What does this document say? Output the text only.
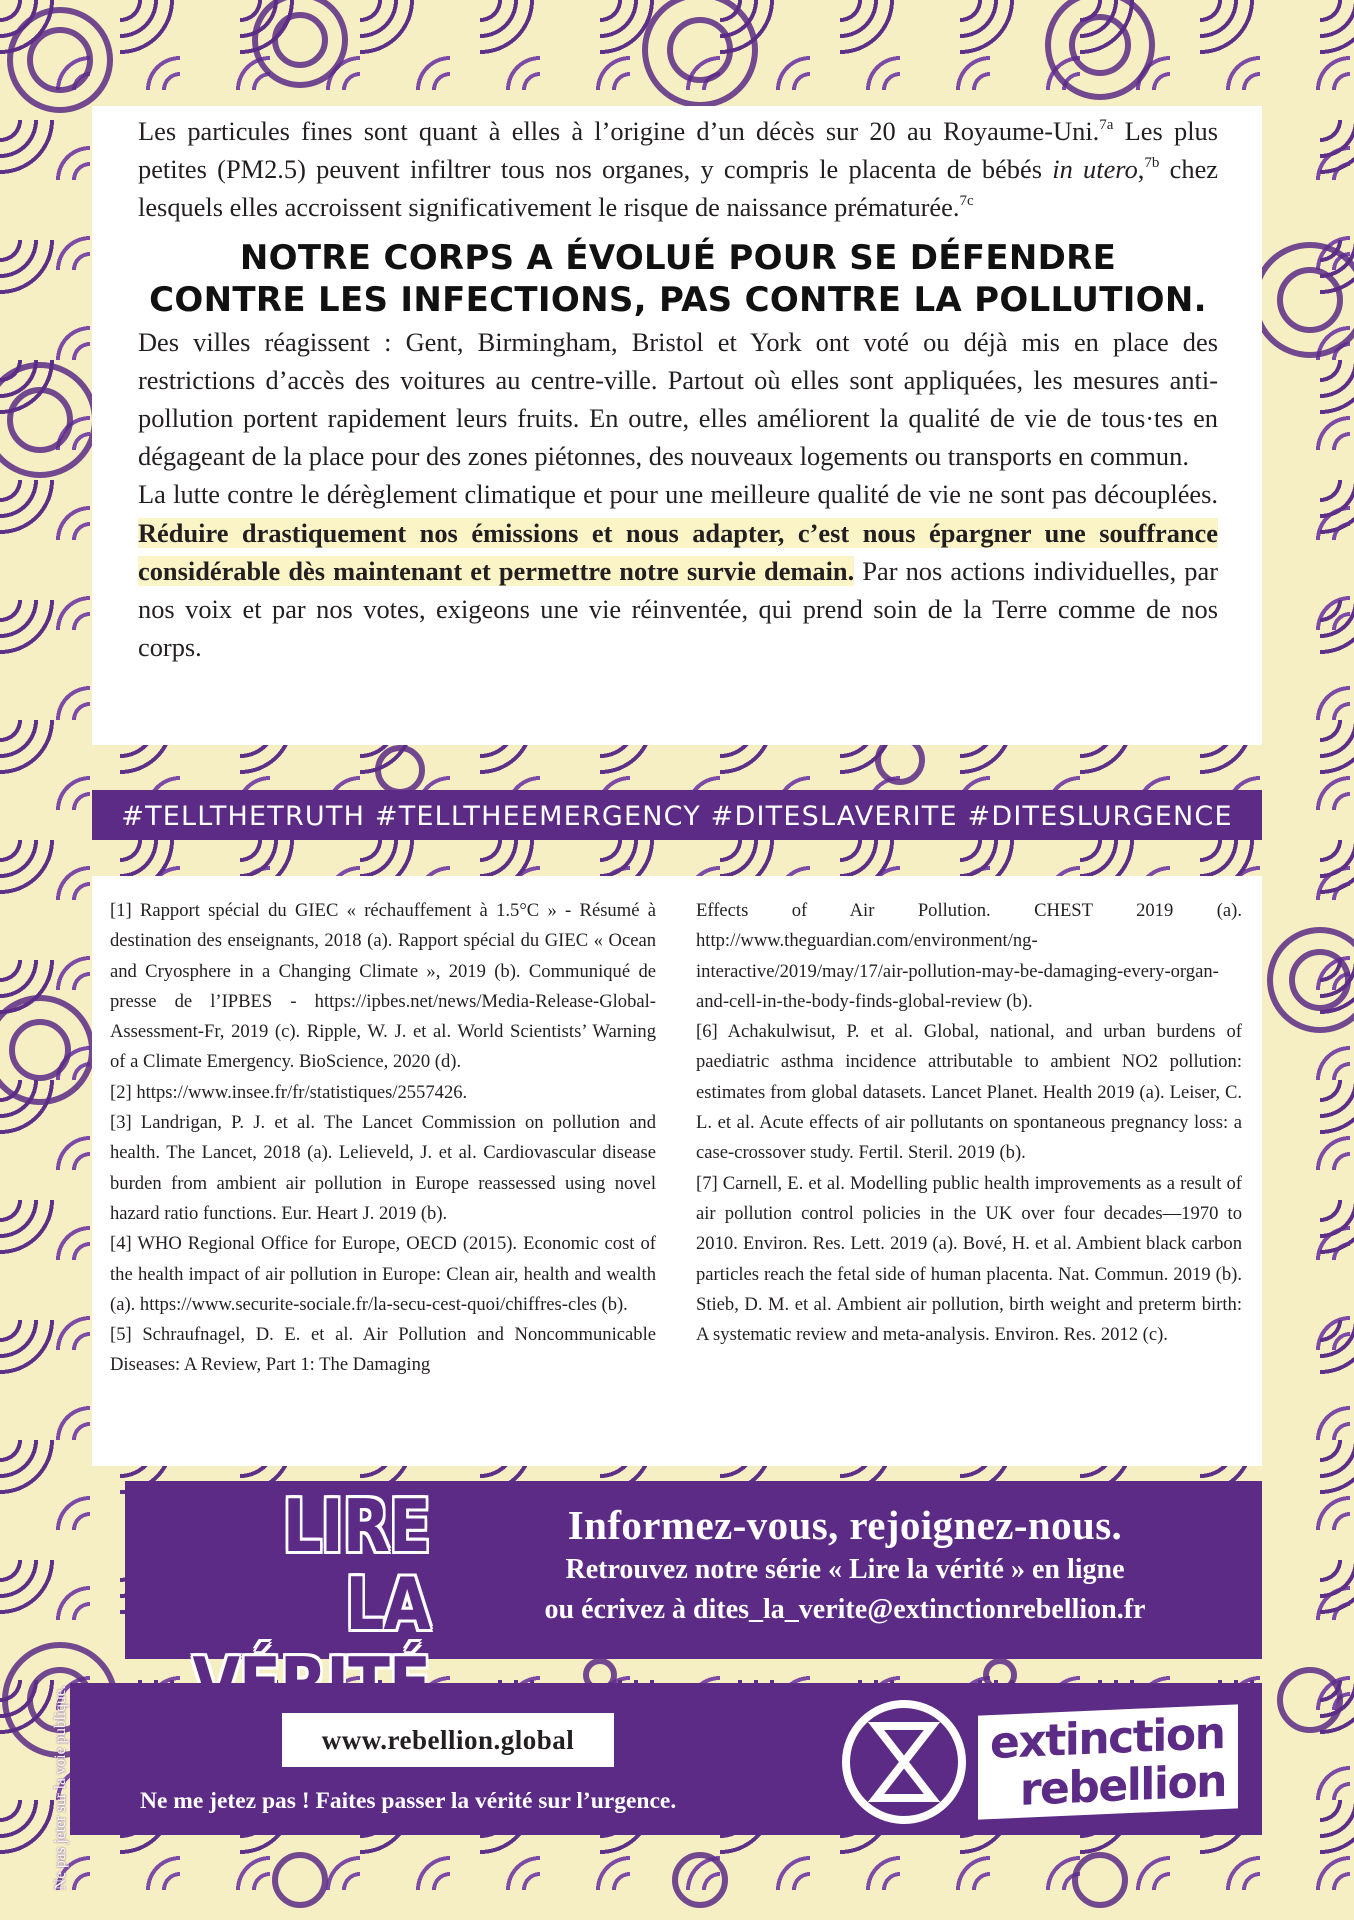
Les particules fines sont quant à elles à l’origine d’un décès sur 20 au Royaume-Uni.$^{7a}$ Les plus petites (PM2.5) peuvent infiltrer tous nos organes, y compris le placenta de bébés in utero,$^{7b}$ chez lesquels elles accroissent significativement le risque de naissance prématurée.$^{7c}$

NOTRE CORPS A ÉVOLUÉ POUR SE DÉFENDRE
CONTRE LES INFECTIONS, PAS CONTRE LA POLLUTION.

Des villes réagissent : Gent, Birmingham, Bristol et York ont voté ou déjà mis en place des restrictions d’accès des voitures au centre-ville. Partout où elles sont appliquées, les mesures anti-pollution portent rapidement leurs fruits. En outre, elles améliorent la qualité de vie de tous·tes en dégageant de la place pour des zones piétonnes, des nouveaux logements ou transports en commun.

La lutte contre le dérèglement climatique et pour une meilleure qualité de vie ne sont pas découplées. Réduire drastiquement nos émissions et nous adapter, c’est nous épargner une souffrance considérable dès maintenant et permettre notre survie demain. Par nos actions individuelles, par nos voix et par nos votes, exigeons une vie réinventée, qui prend soin de la Terre comme de nos corps.

#TELLTHETRUTH #TELLTHEEMERGENCY #DITESLAVERITE #DITESLURGENCE
[1] Rapport spécial du GIEC « réchauffement à 1.5°C » - Résumé à destination des enseignants, 2018 (a). Rapport spécial du GIEC « Ocean and Cryosphere in a Changing Climate », 2019 (b). Communiqué de presse de l’IPBES - https://ipbes.net/news/Media-Release-Global-Assessment-Fr, 2019 (c). Ripple, W. J. et al. World Scientists’ Warning of a Climate Emergency. BioScience, 2020 (d).
[2] https://www.insee.fr/fr/statistiques/2557426.
[3] Landrigan, P. J. et al. The Lancet Commission on pollution and health. The Lancet, 2018 (a). Lelieveld, J. et al. Cardiovascular disease burden from ambient air pollution in Europe reassessed using novel hazard ratio functions. Eur. Heart J. 2019 (b).
[4] WHO Regional Office for Europe, OECD (2015). Economic cost of the health impact of air pollution in Europe: Clean air, health and wealth (a). https://www.securite-sociale.fr/la-secu-cest-quoi/chiffres-cles (b).
[5] Schraufnagel, D. E. et al. Air Pollution and Noncommunicable Diseases: A Review, Part 1: The Damaging
Effects of Air Pollution. CHEST 2019 (a). http://www.theguardian.com/environment/ng-interactive/2019/may/17/air-pollution-may-be-damaging-every-organ-and-cell-in-the-body-finds-global-review (b).
[6] Achakulwisut, P. et al. Global, national, and urban burdens of paediatric asthma incidence attributable to ambient NO2 pollution: estimates from global datasets. Lancet Planet. Health 2019 (a). Leiser, C. L. et al. Acute effects of air pollutants on spontaneous pregnancy loss: a case-crossover study. Fertil. Steril. 2019 (b).
[7] Carnell, E. et al. Modelling public health improvements as a result of air pollution control policies in the UK over four decades—1970 to 2010. Environ. Res. Lett. 2019 (a). Bové, H. et al. Ambient black carbon particles reach the fetal side of human placenta. Nat. Commun. 2019 (b). Stieb, D. M. et al. Ambient air pollution, birth weight and preterm birth: A systematic review and meta-analysis. Environ. Res. 2012 (c).
LIRE
LA
Informez-vous, rejoignez-nous.
Retrouvez notre série « Lire la vérité » en ligne
ou écrivez à dites_la_verite@extinctionrebellion.fr
www.rebellion.global
Ne me jetez pas ! Faites passer la vérité sur l’urgence.
extinction
rebellion
Ne pas jeter sur la voie publique.
